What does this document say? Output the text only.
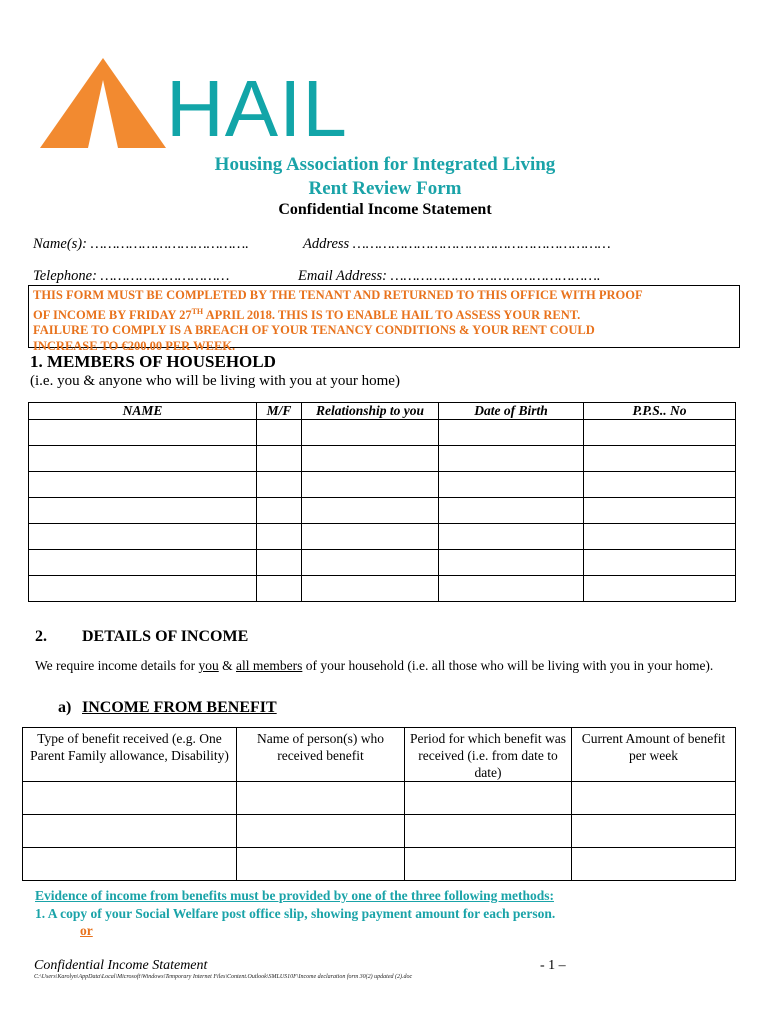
HAIL
Housing Association for Integrated Living
Rent Review Form
Confidential Income Statement
Name(s): ……………………………….	Address ……………………………………………………
Telephone: …………………………	Email Address: ………………………………………….
THIS FORM MUST BE COMPLETED BY THE TENANT AND RETURNED TO THIS OFFICE WITH PROOF
OF INCOME BY FRIDAY 27TH APRIL 2018. THIS IS TO ENABLE HAIL TO ASSESS YOUR RENT.
FAILURE TO COMPLY IS A BREACH OF YOUR TENANCY CONDITIONS & YOUR RENT COULD
INCREASE TO €200.00 PER WEEK.
1. MEMBERS OF HOUSEHOLD
(i.e. you & anyone who will be living with you at your home)
NAME	M/F	Relationship to you	Date of Birth	P.P.S.. No

2. DETAILS OF INCOME
We require income details for you & all members of your household (i.e. all those who will be living with you in your home).
a) INCOME FROM BENEFIT
Type of benefit received (e.g. One Parent Family allowance, Disability)	Name of person(s) who received benefit	Period for which benefit was received (i.e. from date to date)	Current Amount of benefit per week

Evidence of income from benefits must be provided by one of the three following methods:
1. A copy of your Social Welfare post office slip, showing payment amount for each person.
or
Confidential Income Statement	- 1 –
C:\Users\Karolyn\AppData\Local\Microsoft\Windows\Temporary Internet Files\Content.Outlook\SMLUS10F\Income declaration form 30(2) updated (2).doc
